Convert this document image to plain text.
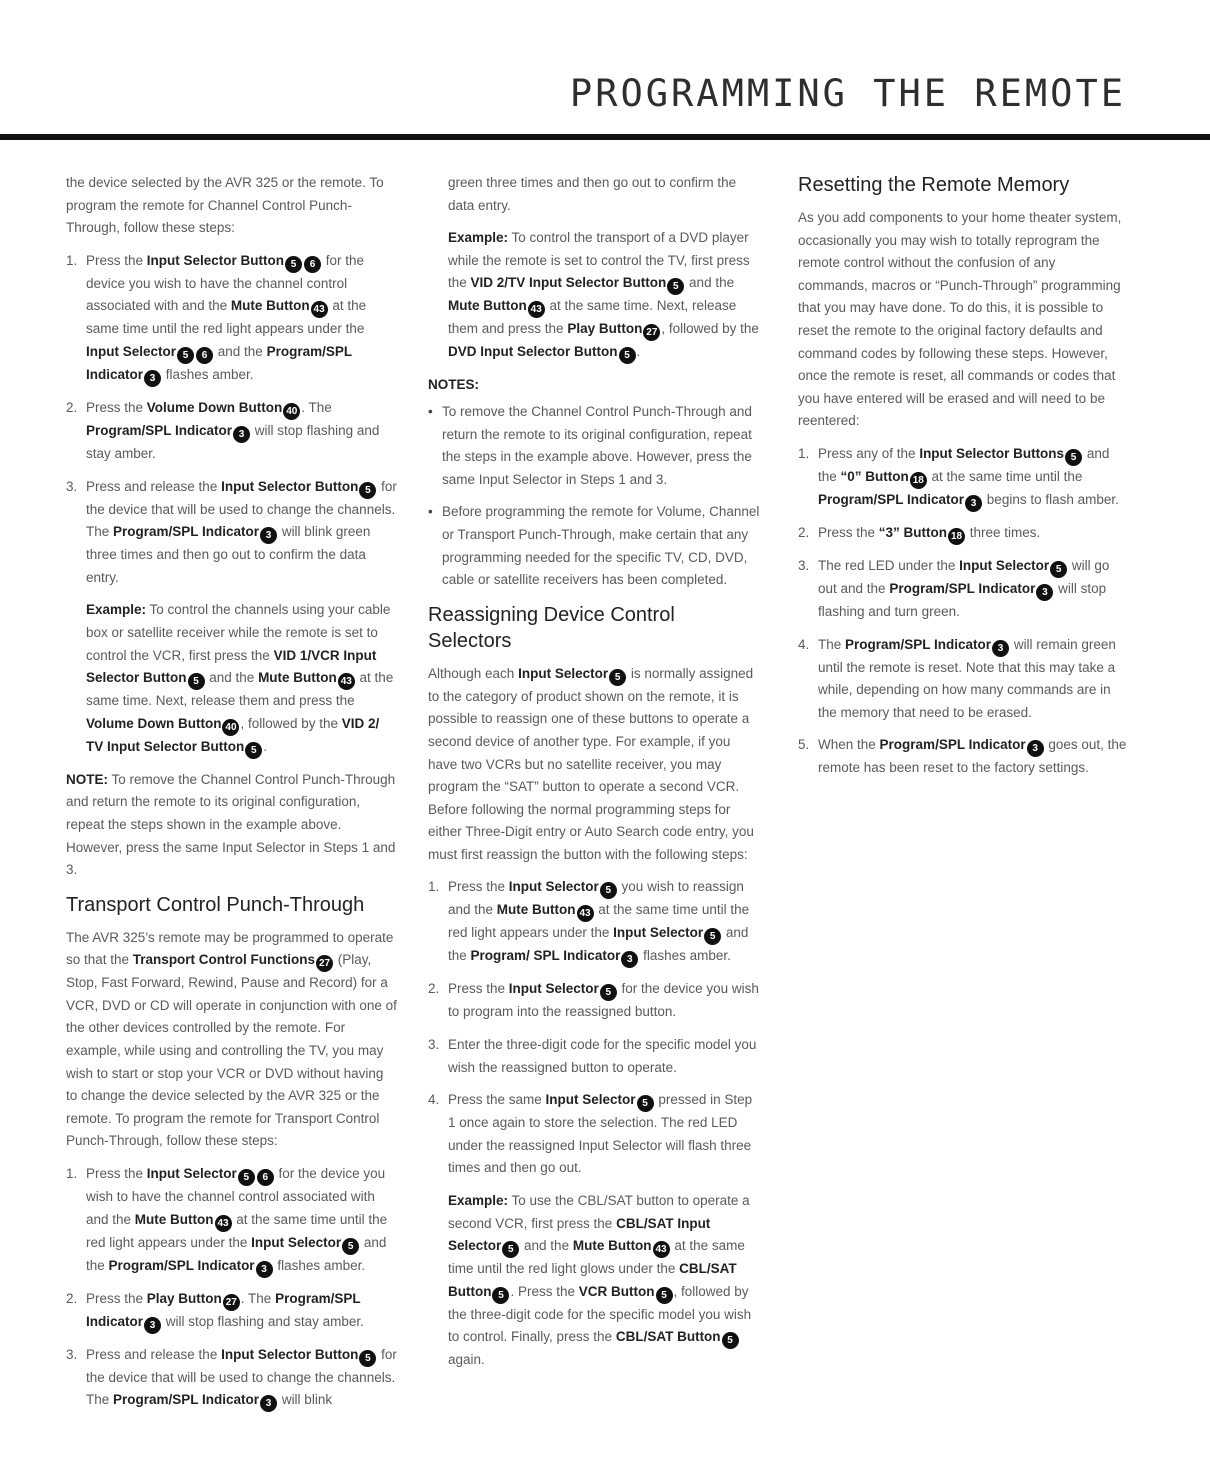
PROGRAMMING THE REMOTE

the device selected by the AVR 325 or the remote. To program the remote for Channel Control Punch-Through, follow these steps:

1. Press the Input Selector Button 5 6 for the device you wish to have the channel control associated with and the Mute Button 43 at the same time until the red light appears under the Input Selector 5 6 and the Program/SPL Indicator 3 flashes amber.
2. Press the Volume Down Button 40 . The Program/SPL Indicator 3 will stop flashing and stay amber.
3. Press and release the Input Selector Button 5 for the device that will be used to change the channels. The Program/SPL Indicator 3 will blink green three times and then go out to confirm the data entry.

Example: To control the channels using your cable box or satellite receiver while the remote is set to control the VCR, first press the VID 1/VCR Input Selector Button 5 and the Mute Button 43 at the same time. Next, release them and press the Volume Down Button 40 , followed by the VID 2/ TV Input Selector Button 5 .

NOTE: To remove the Channel Control Punch-Through and return the remote to its original configuration, repeat the steps shown in the example above. However, press the same Input Selector in Steps 1 and 3.

Transport Control Punch-Through

The AVR 325’s remote may be programmed to operate so that the Transport Control Functions 27 (Play, Stop, Fast Forward, Rewind, Pause and Record) for a VCR, DVD or CD will operate in conjunction with one of the other devices controlled by the remote. For example, while using and controlling the TV, you may wish to start or stop your VCR or DVD without having to change the device selected by the AVR 325 or the remote. To program the remote for Transport Control Punch-Through, follow these steps:

1. Press the Input Selector 5 6 for the device you wish to have the channel control associated with and the Mute Button 43 at the same time until the red light appears under the Input Selector 5 and the Program/SPL Indicator 3 flashes amber.
2. Press the Play Button 27 . The Program/SPL Indicator 3 will stop flashing and stay amber.
3. Press and release the Input Selector Button 5 for the device that will be used to change the channels. The Program/SPL Indicator 3 will blink

green three times and then go out to confirm the data entry.

Example: To control the transport of a DVD player while the remote is set to control the TV, first press the VID 2/TV Input Selector Button 5 and the Mute Button 43 at the same time. Next, release them and press the Play Button 27 , followed by the DVD Input Selector Button 5 .

NOTES:
• To remove the Channel Control Punch-Through and return the remote to its original configuration, repeat the steps in the example above. However, press the same Input Selector in Steps 1 and 3.
• Before programming the remote for Volume, Channel or Transport Punch-Through, make certain that any programming needed for the specific TV, CD, DVD, cable or satellite receivers has been completed.
Reassigning Device Control Selectors

Although each Input Selector 5 is normally assigned to the category of product shown on the remote, it is possible to reassign one of these buttons to operate a second device of another type. For example, if you have two VCRs but no satellite receiver, you may program the “SAT” button to operate a second VCR. Before following the normal programming steps for either Three-Digit entry or Auto Search code entry, you must first reassign the button with the following steps:

1. Press the Input Selector 5 you wish to reassign and the Mute Button 43 at the same time until the red light appears under the Input Selector 5 and the Program/ SPL Indicator 3 flashes amber.
2. Press the Input Selector 5 for the device you wish to program into the reassigned button.
3. Enter the three-digit code for the specific model you wish the reassigned button to operate.
4. Press the same Input Selector 5 pressed in Step 1 once again to store the selection. The red LED under the reassigned Input Selector will flash three times and then go out.

Example: To use the CBL/SAT button to operate a second VCR, first press the CBL/SAT Input Selector 5 and the Mute Button 43 at the same time until the red light glows under the CBL/SAT Button 5 . Press the VCR Button 5 , followed by the three-digit code for the specific model you wish to control. Finally, press the CBL/SAT Button 5 again.

Resetting the Remote Memory

As you add components to your home theater system, occasionally you may wish to totally reprogram the remote control without the confusion of any commands, macros or “Punch-Through” programming that you may have done. To do this, it is possible to reset the remote to the original factory defaults and command codes by following these steps. However, once the remote is reset, all commands or codes that you have entered will be erased and will need to be reentered:

1. Press any of the Input Selector Buttons 5 and the “0” Button 18 at the same time until the Program/SPL Indicator 3 begins to flash amber.
2. Press the “3” Button 18 three times.
3. The red LED under the Input Selector 5 will go out and the Program/SPL Indicator 3 will stop flashing and turn green.
4. The Program/SPL Indicator 3 will remain green until the remote is reset. Note that this may take a while, depending on how many commands are in the memory that need to be erased.
5. When the Program/SPL Indicator 3 goes out, the remote has been reset to the factory settings.
